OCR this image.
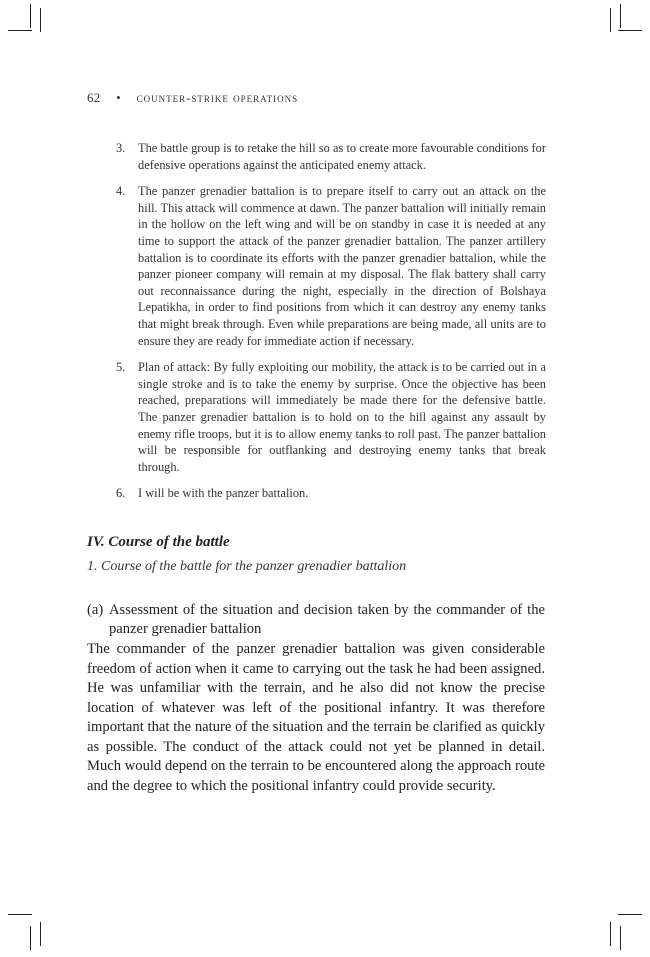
62 • counter-strike operations
3.	The battle group is to retake the hill so as to create more favourable conditions for defensive operations against the anticipated enemy attack.
4.	The panzer grenadier battalion is to prepare itself to carry out an attack on the hill. This attack will commence at dawn. The panzer battalion will initially remain in the hollow on the left wing and will be on standby in case it is needed at any time to support the attack of the panzer grenadier battalion. The panzer artillery battalion is to coordinate its efforts with the panzer grenadier battalion, while the panzer pioneer company will remain at my disposal. The flak battery shall carry out reconnaissance during the night, especially in the direction of Bolshaya Lepatikha, in order to find positions from which it can destroy any enemy tanks that might break through. Even while preparations are being made, all units are to ensure they are ready for immediate action if necessary.
5.	Plan of attack: By fully exploiting our mobility, the attack is to be carried out in a single stroke and is to take the enemy by surprise. Once the objective has been reached, preparations will immediately be made there for the defensive battle. The panzer grenadier battalion is to hold on to the hill against any assault by enemy rifle troops, but it is to allow enemy tanks to roll past. The panzer battalion will be responsible for outflanking and destroying enemy tanks that break through.
6.	I will be with the panzer battalion.
IV. Course of the battle
1. Course of the battle for the panzer grenadier battalion
(a) Assessment of the situation and decision taken by the commander of the panzer grenadier battalion
The commander of the panzer grenadier battalion was given considerable freedom of action when it came to carrying out the task he had been assigned. He was unfamiliar with the terrain, and he also did not know the precise location of whatever was left of the positional infantry. It was therefore important that the nature of the situation and the terrain be clarified as quickly as possible. The conduct of the attack could not yet be planned in detail. Much would depend on the terrain to be encountered along the approach route and the degree to which the positional infantry could provide security.
